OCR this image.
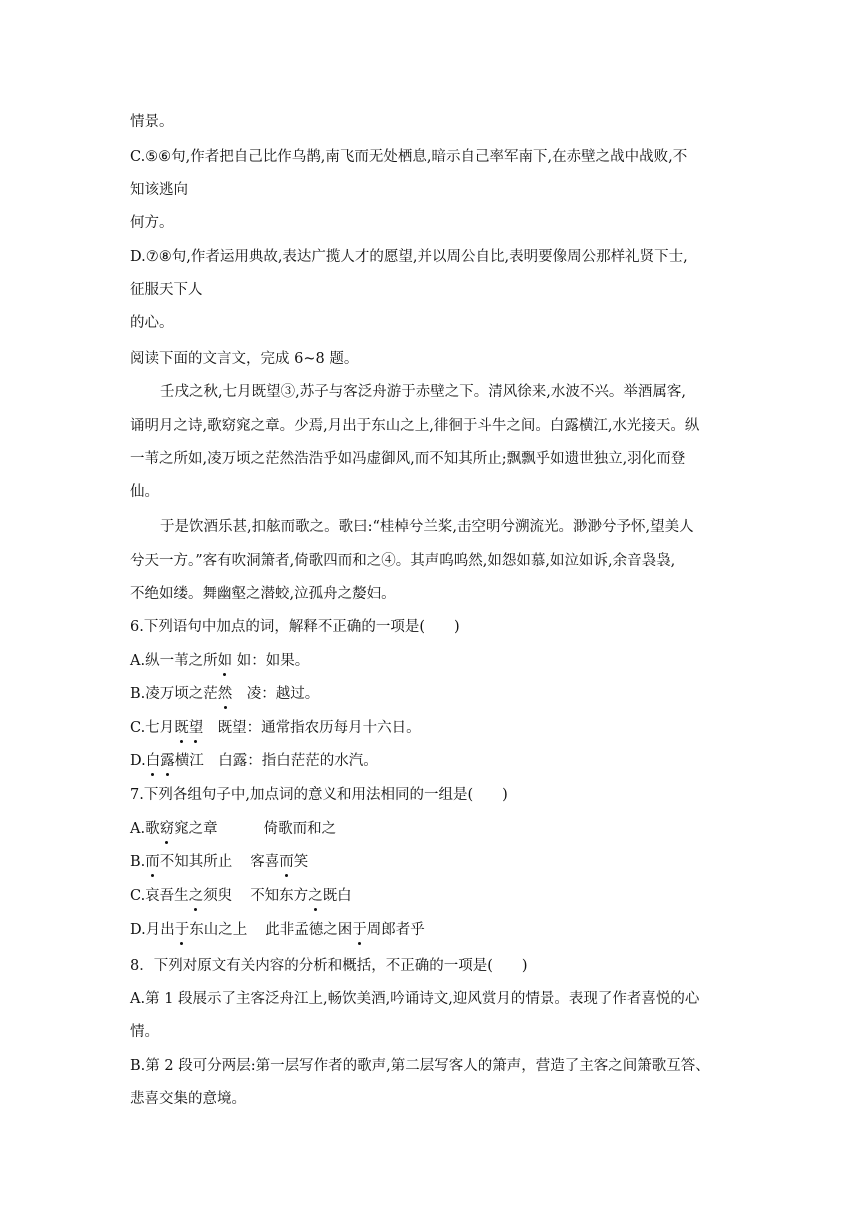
情景。
C.⑤⑥句,作者把自己比作乌鹊,南飞而无处栖息,暗示自己率军南下,在赤壁之战中战败,不
知该逃向
何方。
D.⑦⑧句,作者运用典故,表达广揽人才的愿望,并以周公自比,表明要像周公那样礼贤下士,
征服天下人
的心。
阅读下面的文言文，完成 6~8 题。
壬戌之秋,七月既望③,苏子与客泛舟游于赤壁之下。清风徐来,水波不兴。举酒属客,
诵明月之诗,歌窈窕之章。少焉,月出于东山之上,徘徊于斗牛之间。白露横江,水光接天。纵
一苇之所如,凌万顷之茫然浩浩乎如冯虚御风,而不知其所止;飘飘乎如遗世独立,羽化而登
仙。
于是饮酒乐甚,扣舷而歌之。歌曰:“桂棹兮兰桨,击空明兮溯流光。渺渺兮予怀,望美人
兮天一方。”客有吹洞箫者,倚歌四而和之④。其声呜呜然,如怨如慕,如泣如诉,余音袅袅,
不绝如缕。舞幽壑之潜蛟,泣孤舟之嫠妇。
6.下列语句中加点的词，解释不正确的一项是(　　)
A.纵一苇之所如 如：如果。
B.凌万顷之茫然　凌：越过。
C.七月既望　既望：通常指农历每月十六日。
D.白露横江　白露：指白茫茫的水汽。
7.下列各组句子中,加点词的意义和用法相同的一组是(　　)
A.歌窈窕之章	倚歌而和之
B.而不知其所止 客喜而笑
C.哀吾生之须臾 不知东方之既白
D.月出于东山之上 此非孟德之困于周郎者乎
8．下列对原文有关内容的分析和概括，不正确的一项是(　　)
A.第 1 段展示了主客泛舟江上,畅饮美酒,吟诵诗文,迎风赏月的情景。表现了作者喜悦的心
情。
B.第 2 段可分两层:第一层写作者的歌声,第二层写客人的箫声，营造了主客之间箫歌互答、
悲喜交集的意境。
